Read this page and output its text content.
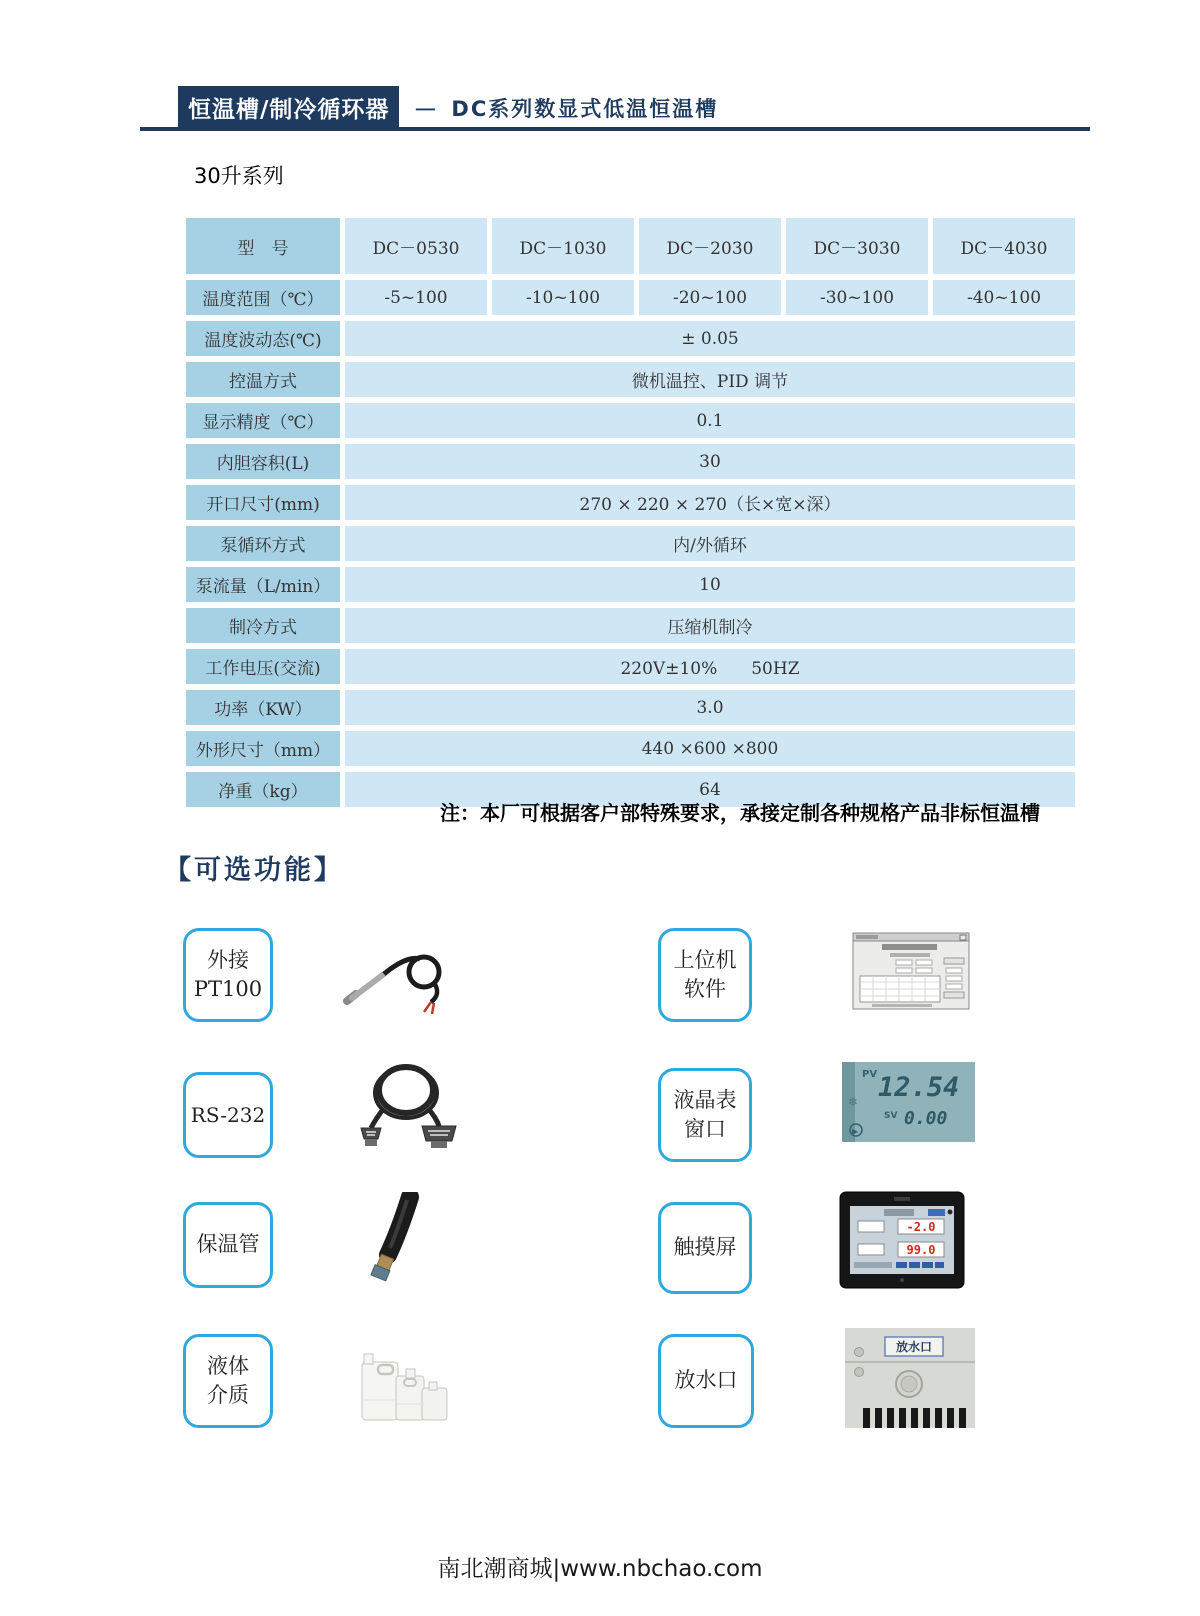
恒温槽/制冷循环器	－ DC系列数显式低温恒温槽
30升系列
型　号	DC－0530	DC－1030	DC－2030	DC－3030	DC－4030
温度范围（℃）	-5~100	-10~100	-20~100	-30~100	-40~100
温度波动态(℃)	± 0.05				
控温方式	微机温控、PID 调节				
显示精度（℃）	0.1				
内胆容积(L)	30				
开口尺寸(mm)	270 × 220 × 270（长×宽×深）				
泵循环方式	内/外循环				
泵流量（L/min）	10				
制冷方式	压缩机制冷				
工作电压(交流)	220V±10%　　50HZ				
功率（KW）	3.0				
外形尺寸（mm）	440 ×600 ×800				
净重（kg）	64				
注：本厂可根据客户部特殊要求，承接定制各种规格产品非标恒温槽
【可选功能】
外接
PT100
上位机
软件
RS-232
液晶表
窗口
PV 12.54
SV 0.00
❄
▶
保温管	触摸屏
-2.0
99.0
液体
介质
放水口
放水口
南北潮商城|www.nbchao.com
